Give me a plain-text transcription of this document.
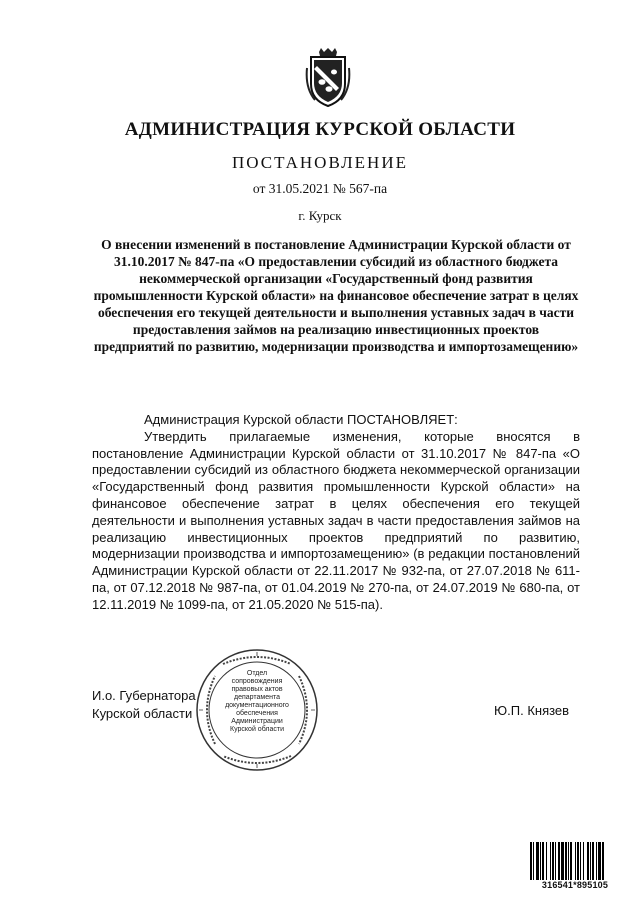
АДМИНИСТРАЦИЯ КУРСКОЙ ОБЛАСТИ
ПОСТАНОВЛЕНИЕ
от 31.05.2021 № 567-па
г. Курск
О внесении изменений в постановление Администрации Курской области от 31.10.2017 № 847-па «О предоставлении субсидий из областного бюджета некоммерческой организации «Государственный фонд развития промышленности Курской области» на финансовое обеспечение затрат в целях обеспечения его текущей деятельности и выполнения уставных задач в части предоставления займов на реализацию инвестиционных проектов предприятий по развитию, модернизации производства и импортозамещению»

Администрация Курской области ПОСТАНОВЛЯЕТ:

Утвердить прилагаемые изменения, которые вносятся в постановление Администрации Курской области от 31.10.2017 № 847-па «О предоставлении субсидий из областного бюджета некоммерческой организации «Государственный фонд развития промышленности Курской области» на финансовое обеспечение затрат в целях обеспечения его текущей деятельности и выполнения уставных задач в части предоставления займов на реализацию инвестиционных проектов предприятий по развитию, модернизации производства и импортозамещению» (в редакции постановлений Администрации Курской области от 22.11.2017 № 932-па, от 27.07.2018 № 611-па, от 07.12.2018 № 987-па, от 01.04.2019 № 270-па, от 24.07.2019 № 680-па, от 12.11.2019 № 1099-па, от 21.05.2020 № 515-па).

И.о. Губернатора
Курской области	Ю.П. Князев
Отдел
сопровождения
правовых актов
департамента
документационного
обеспечения
Администрации
Курской области
316541*895105
